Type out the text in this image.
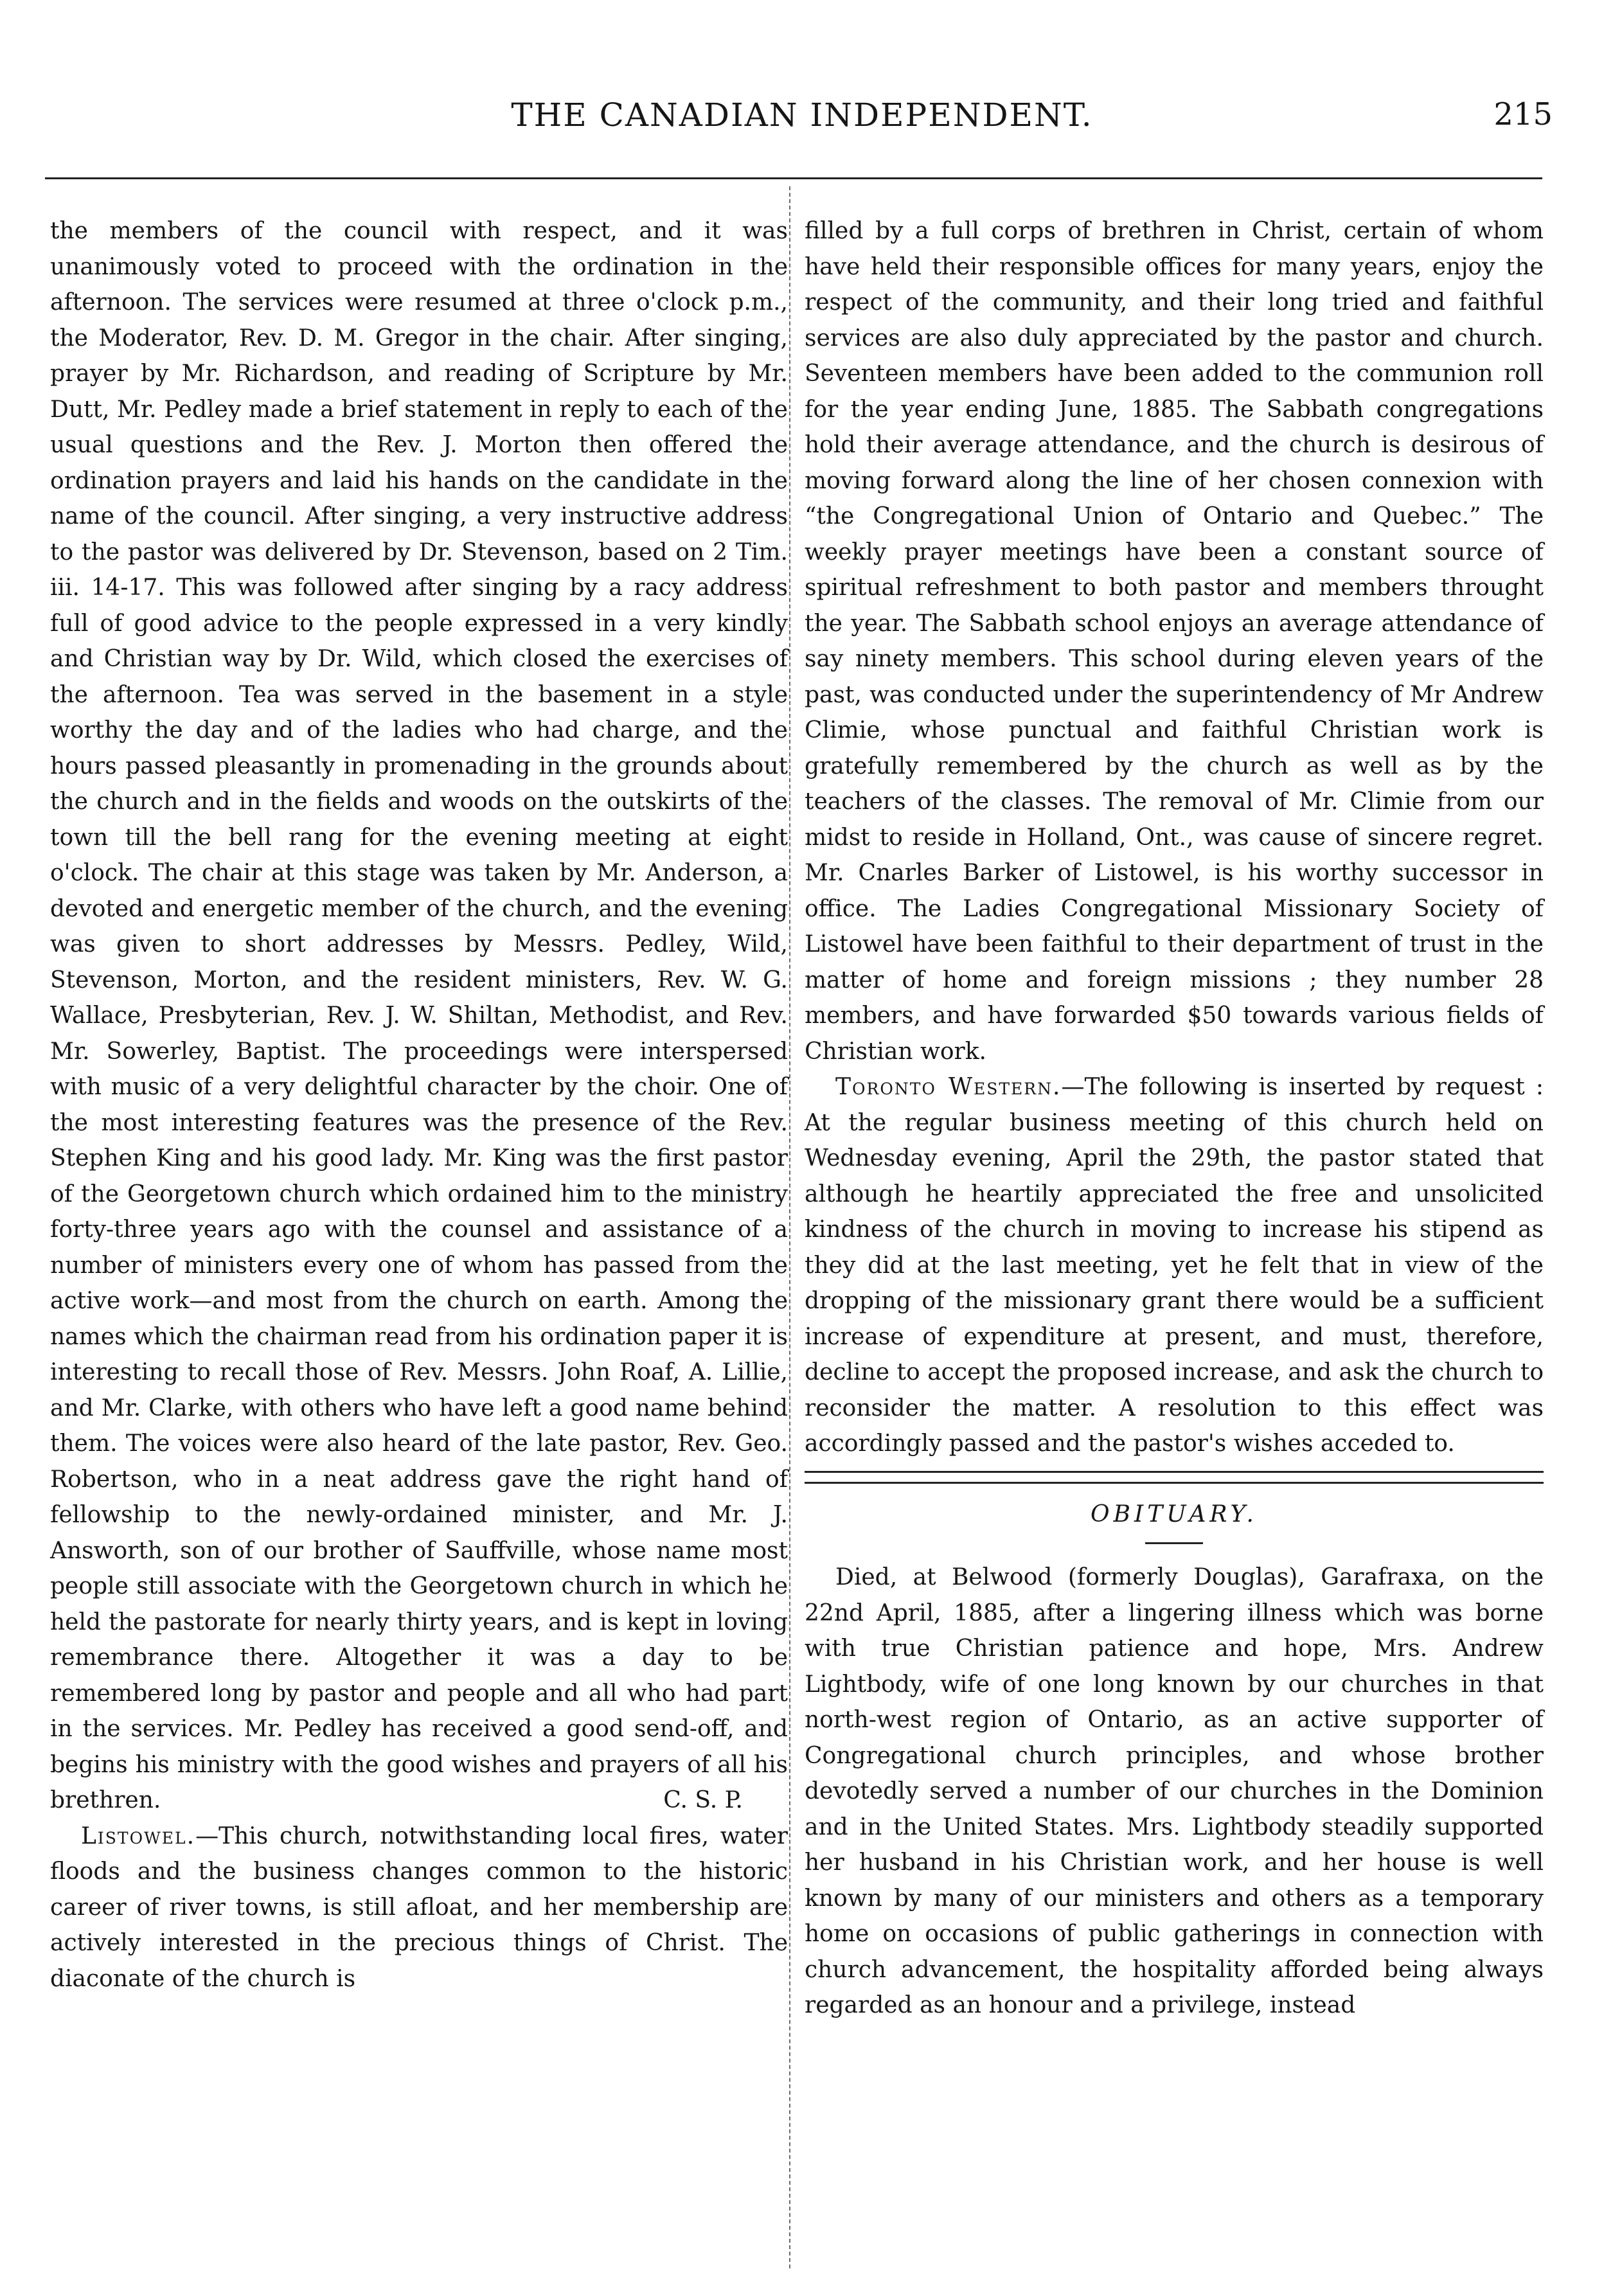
THE CANADIAN INDEPENDENT.	215

the members of the council with respect, and it was unanimously voted to proceed with the ordination in the afternoon. The services were resumed at three o'clock p.m., the Moderator, Rev. D. M. Gregor in the chair. After singing, prayer by Mr. Richardson, and reading of Scripture by Mr. Dutt, Mr. Pedley made a brief statement in reply to each of the usual questions and the Rev. J. Morton then offered the ordination prayers and laid his hands on the candidate in the name of the council. After singing, a very instructive address to the pastor was delivered by Dr. Stevenson, based on 2 Tim. iii. 14-17. This was followed after singing by a racy address full of good advice to the people expressed in a very kindly and Christian way by Dr. Wild, which closed the exercises of the afternoon. Tea was served in the basement in a style worthy the day and of the ladies who had charge, and the hours passed pleasantly in promenading in the grounds about the church and in the fields and woods on the outskirts of the town till the bell rang for the evening meeting at eight o'clock. The chair at this stage was taken by Mr. Anderson, a devoted and energetic member of the church, and the evening was given to short addresses by Messrs. Pedley, Wild, Stevenson, Morton, and the resident ministers, Rev. W. G. Wallace, Presbyterian, Rev. J. W. Shiltan, Methodist, and Rev. Mr. Sowerley, Baptist. The proceedings were interspersed with music of a very delightful character by the choir. One of the most interesting features was the presence of the Rev. Stephen King and his good lady. Mr. King was the first pastor of the Georgetown church which ordained him to the ministry forty-three years ago with the counsel and assistance of a number of ministers every one of whom has passed from the active work—and most from the church on earth. Among the names which the chairman read from his ordination paper it is interesting to recall those of Rev. Messrs. John Roaf, A. Lillie, and Mr. Clarke, with others who have left a good name behind them. The voices were also heard of the late pastor, Rev. Geo. Robertson, who in a neat address gave the right hand of fellowship to the newly-ordained minister, and Mr. J. Answorth, son of our brother of Sauffville, whose name most people still associate with the Georgetown church in which he held the pastorate for nearly thirty years, and is kept in loving remembrance there. Altogether it was a day to be remembered long by pastor and people and all who had part in the services. Mr. Pedley has received a good send-off, and begins his ministry with the good wishes and prayers of all his brethren.	C. S. P.

Listowel.—This church, notwithstanding local fires, water floods and the business changes common to the historic career of river towns, is still afloat, and her membership are actively interested in the precious things of Christ. The diaconate of the church is

filled by a full corps of brethren in Christ, certain of whom have held their responsible offices for many years, enjoy the respect of the community, and their long tried and faithful services are also duly appreciated by the pastor and church. Seventeen members have been added to the communion roll for the year ending June, 1885. The Sabbath congregations hold their average attendance, and the church is desirous of moving forward along the line of her chosen connexion with “the Congregational Union of Ontario and Quebec.” The weekly prayer meetings have been a constant source of spiritual refreshment to both pastor and members throught the year. The Sabbath school enjoys an average attendance of say ninety members. This school during eleven years of the past, was conducted under the superintendency of Mr Andrew Climie, whose punctual and faithful Christian work is gratefully remembered by the church as well as by the teachers of the classes. The removal of Mr. Climie from our midst to reside in Holland, Ont., was cause of sincere regret. Mr. Cnarles Barker of Listowel, is his worthy successor in office. The Ladies Congregational Missionary Society of Listowel have been faithful to their department of trust in the matter of home and foreign missions ; they number 28 members, and have forwarded $50 towards various fields of Christian work.

Toronto Western.—The following is inserted by request : At the regular business meeting of this church held on Wednesday evening, April the 29th, the pastor stated that although he heartily appreciated the free and unsolicited kindness of the church in moving to increase his stipend as they did at the last meeting, yet he felt that in view of the dropping of the missionary grant there would be a sufficient increase of expenditure at present, and must, therefore, decline to accept the proposed increase, and ask the church to reconsider the matter. A resolution to this effect was accordingly passed and the pastor's wishes acceded to.

OBITUARY.

Died, at Belwood (formerly Douglas), Garafraxa, on the 22nd April, 1885, after a lingering illness which was borne with true Christian patience and hope, Mrs. Andrew Lightbody, wife of one long known by our churches in that north-west region of Ontario, as an active supporter of Congregational church principles, and whose brother devotedly served a number of our churches in the Dominion and in the United States. Mrs. Lightbody steadily supported her husband in his Christian work, and her house is well known by many of our ministers and others as a temporary home on occasions of public gatherings in connection with church advancement, the hospitality afforded being always regarded as an honour and a privilege, instead
